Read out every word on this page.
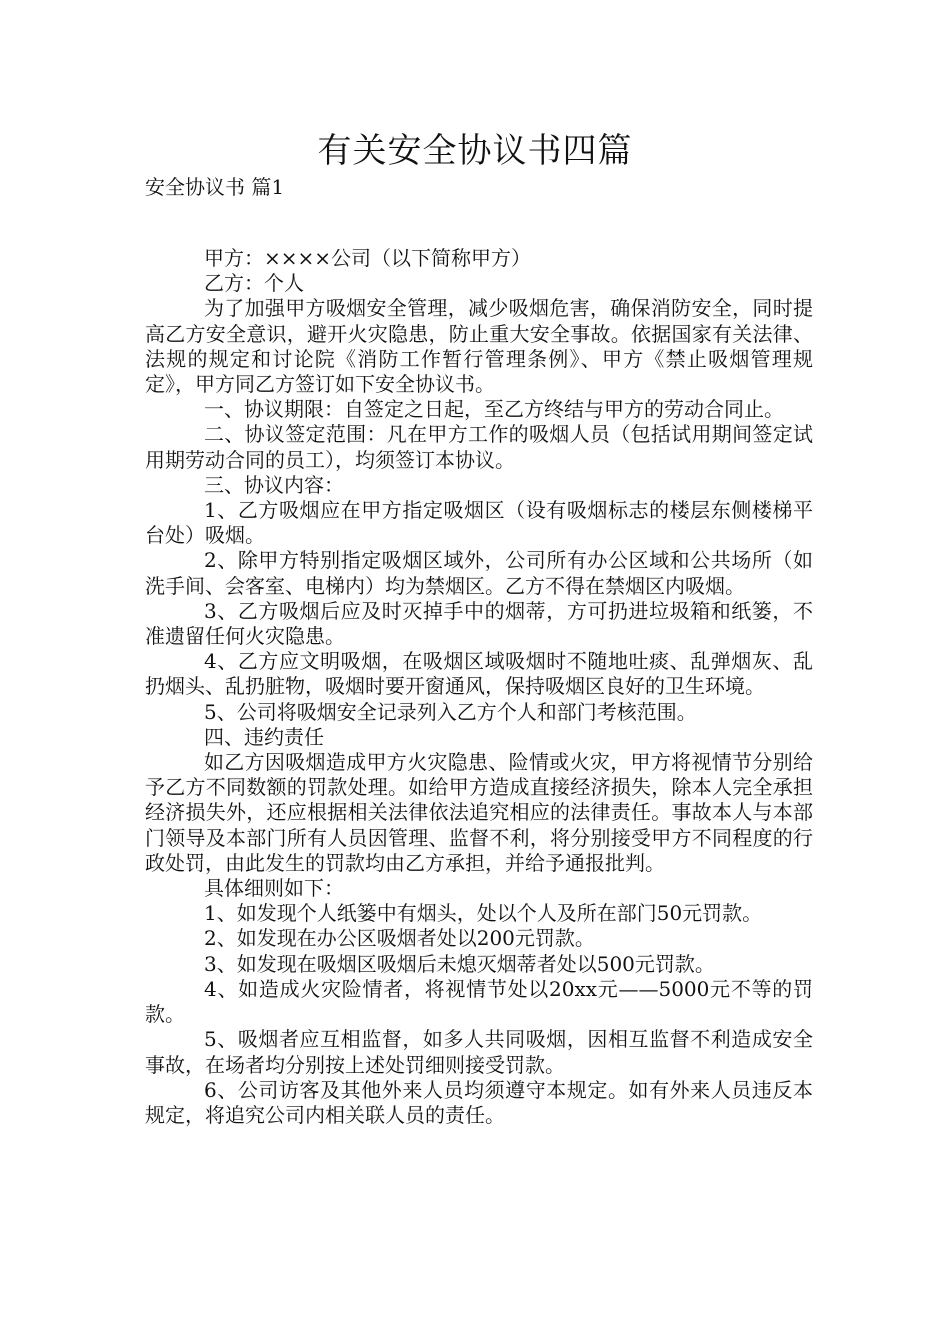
有关安全协议书四篇
安全协议书 篇1

甲方：××××公司（以下简称甲方）

乙方：个人

为了加强甲方吸烟安全管理，减少吸烟危害，确保消防安全，同时提高乙方安全意识，避开火灾隐患，防止重大安全事故。依据国家有关法律、法规的规定和讨论院《消防工作暂行管理条例》、甲方《禁止吸烟管理规定》，甲方同乙方签订如下安全协议书。

一、协议期限：自签定之日起，至乙方终结与甲方的劳动合同止。

二、协议签定范围：凡在甲方工作的吸烟人员（包括试用期间签定试用期劳动合同的员工），均须签订本协议。

三、协议内容：

1、乙方吸烟应在甲方指定吸烟区（设有吸烟标志的楼层东侧楼梯平台处）吸烟。

2、除甲方特别指定吸烟区域外，公司所有办公区域和公共场所（如洗手间、会客室、电梯内）均为禁烟区。乙方不得在禁烟区内吸烟。

3、乙方吸烟后应及时灭掉手中的烟蒂，方可扔进垃圾箱和纸篓，不准遗留任何火灾隐患。

4、乙方应文明吸烟，在吸烟区域吸烟时不随地吐痰、乱弹烟灰、乱扔烟头、乱扔脏物，吸烟时要开窗通风，保持吸烟区良好的卫生环境。

5、公司将吸烟安全记录列入乙方个人和部门考核范围。

四、违约责任

如乙方因吸烟造成甲方火灾隐患、险情或火灾，甲方将视情节分别给予乙方不同数额的罚款处理。如给甲方造成直接经济损失，除本人完全承担经济损失外，还应根据相关法律依法追究相应的法律责任。事故本人与本部门领导及本部门所有人员因管理、监督不利，将分别接受甲方不同程度的行政处罚，由此发生的罚款均由乙方承担，并给予通报批判。

具体细则如下：

1、如发现个人纸篓中有烟头，处以个人及所在部门50元罚款。

2、如发现在办公区吸烟者处以200元罚款。

3、如发现在吸烟区吸烟后未熄灭烟蒂者处以500元罚款。

4、如造成火灾险情者，将视情节处以20xx元——5000元不等的罚款。

5、吸烟者应互相监督，如多人共同吸烟，因相互监督不利造成安全事故，在场者均分别按上述处罚细则接受罚款。

6、公司访客及其他外来人员均须遵守本规定。如有外来人员违反本规定，将追究公司内相关联人员的责任。
